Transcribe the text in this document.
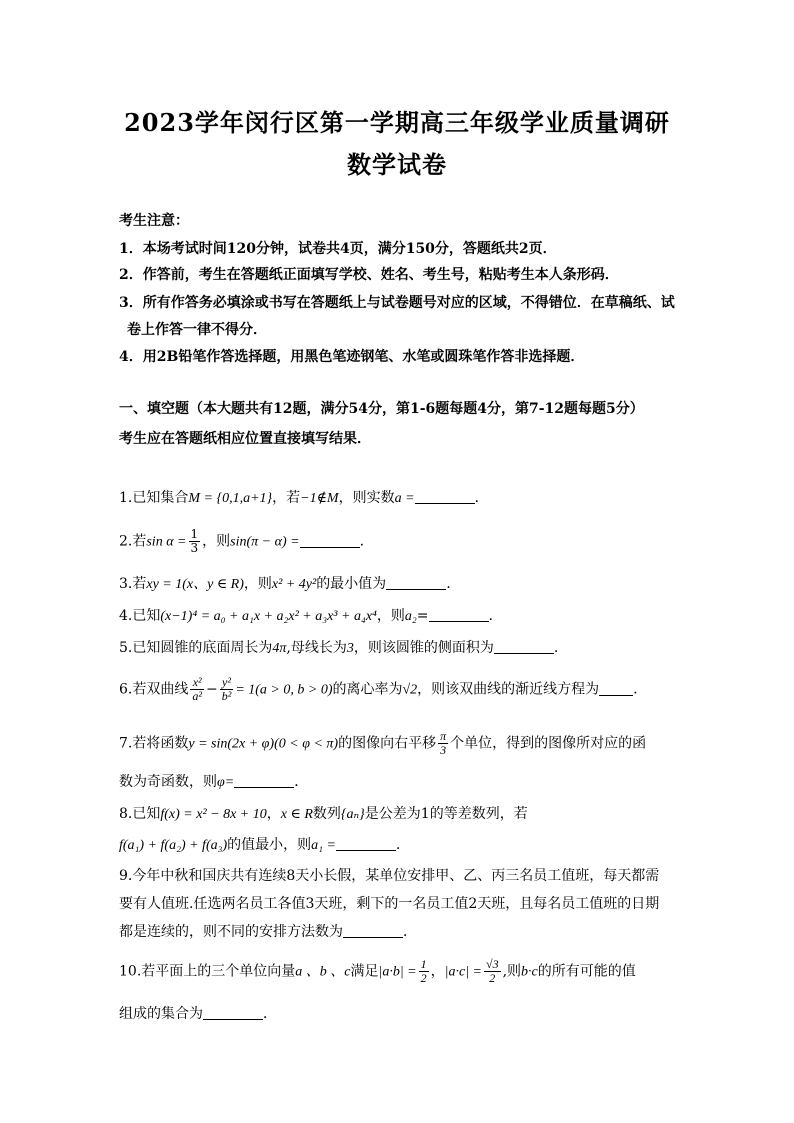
2023学年闵行区第一学期高三年级学业质量调研
数学试卷
考生注意：
1．本场考试时间120分钟，试卷共4页，满分150分，答题纸共2页．
2．作答前，考生在答题纸正面填写学校、姓名、考生号，粘贴考生本人条形码．
3．所有作答务必填涂或书写在答题纸上与试卷题号对应的区域，不得错位．在草稿纸、试
卷上作答一律不得分．
4．用2B铅笔作答选择题，用黑色笔迹钢笔、水笔或圆珠笔作答非选择题．
一、填空题（本大题共有12题，满分54分，第1-6题每题4分，第7-12题每题5分）
考生应在答题纸相应位置直接填写结果．
1.已知集合M = {0,1,a+1}，若−1∉M，则实数a =	．
2.若$\sin \alpha = \frac{1}{3}$ ，则sin(π − α) =	.
3.若xy = 1(x、y ∈ R)，则x² + 4y²的最小值为	.
4.已知(x−1)⁴ = a₀ + a₁x + a₂x² + a₃x³ + a₄x⁴，则a₂=	.
5.已知圆锥的底面周长为4π,母线长为3，则该圆锥的侧面积为	.
6.若双曲线 $\frac{\text{x²}}{\text{a²}} - \frac{\text{y²}}{\text{b²}} = 1(a > 0$, b > 0)的离心率为√2，则该双曲线的渐近线方程为 .
7.若将函数y = sin(2x + φ)(0 < φ < π)的图像向右平移 $\frac{\pi}{3}$ 个单位，得到的图像所对应的函
数为奇函数，则φ=	．
8.已知f(x) = x² − 8x + 10，x ∈ R数列{aₙ}是公差为1的等差数列，若
f(a₁) + f(a₂) + f(a₃)的值最小，则a₁ =	．
9.今年中秋和国庆共有连续8天小长假，某单位安排甲、乙、丙三名员工值班，每天都需
要有人值班.任选两名员工各值3天班，剩下的一名员工值2天班，且每名员工值班的日期
都是连续的，则不同的安排方法数为	．
10.若平面上的三个单位向量a 、b 、c满足$|a\cdot b| = \frac{1}{2}$ ，$|a\cdot c| = \frac{√3}{2}$ ,则b·c的所有可能的值
组成的集合为	．
